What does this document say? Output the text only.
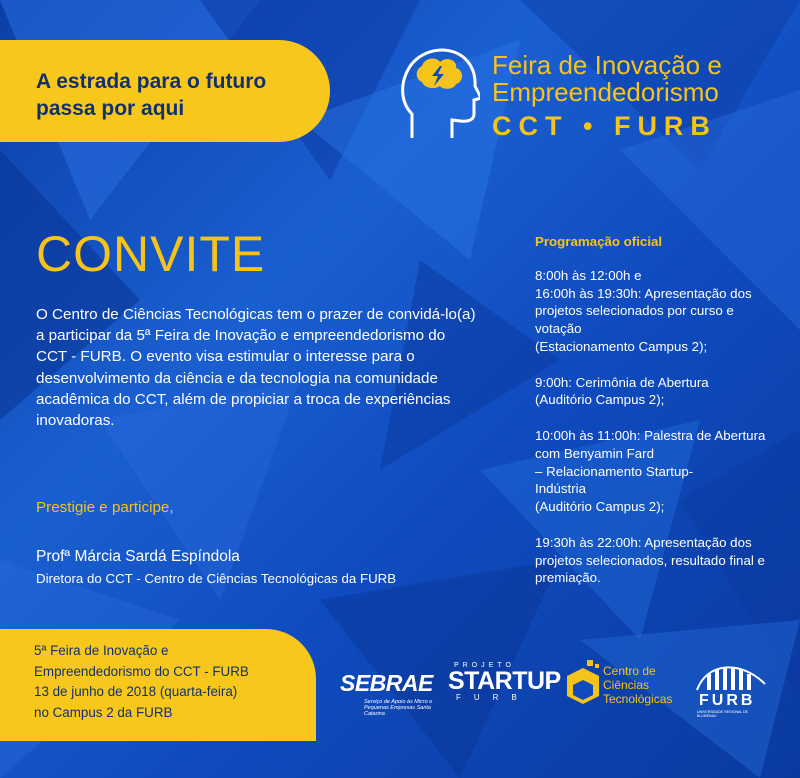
A estrada para o futuro passa por aqui
Feira de Inovação e Empreendedorismo
CCT • FURB
CONVITE

O Centro de Ciências Tecnológicas tem o prazer de convidá-lo(a) a participar da 5ª Feira de Inovação e empreendedorismo do CCT - FURB. O evento visa estimular o interesse para o desenvolvimento da ciência e da tecnologia na comunidade acadêmica do CCT, além de propiciar a troca de experiências inovadoras.

Prestigie e participe,
Profª Márcia Sardá Espíndola
Diretora do CCT - Centro de Ciências Tecnológicas da FURB
Programação oficial
8:00h às 12:00h e
16:00h às 19:30h: Apresentação dos projetos selecionados por curso e votação
(Estacionamento Campus 2);
9:00h: Cerimônia de Abertura
(Auditório Campus 2);
10:00h às 11:00h: Palestra de Abertura com Benyamin Fard
– Relacionamento Startup-
Indústria
(Auditório Campus 2);
19:30h às 22:00h: Apresentação dos projetos selecionados, resultado final e premiação.
5ª Feira de Inovação e
Empreendedorismo do CCT - FURB
13 de junho de 2018 (quarta-feira)
no Campus 2 da FURB
SEBRAE
Serviço de Apoio às Micro e Pequenas Empresas Santa Catarina
PROJETO
STARTUP
FURB
Centro de Ciências Tecnológicas	FURB
UNIVERSIDADE REGIONAL DE BLUMENAU
